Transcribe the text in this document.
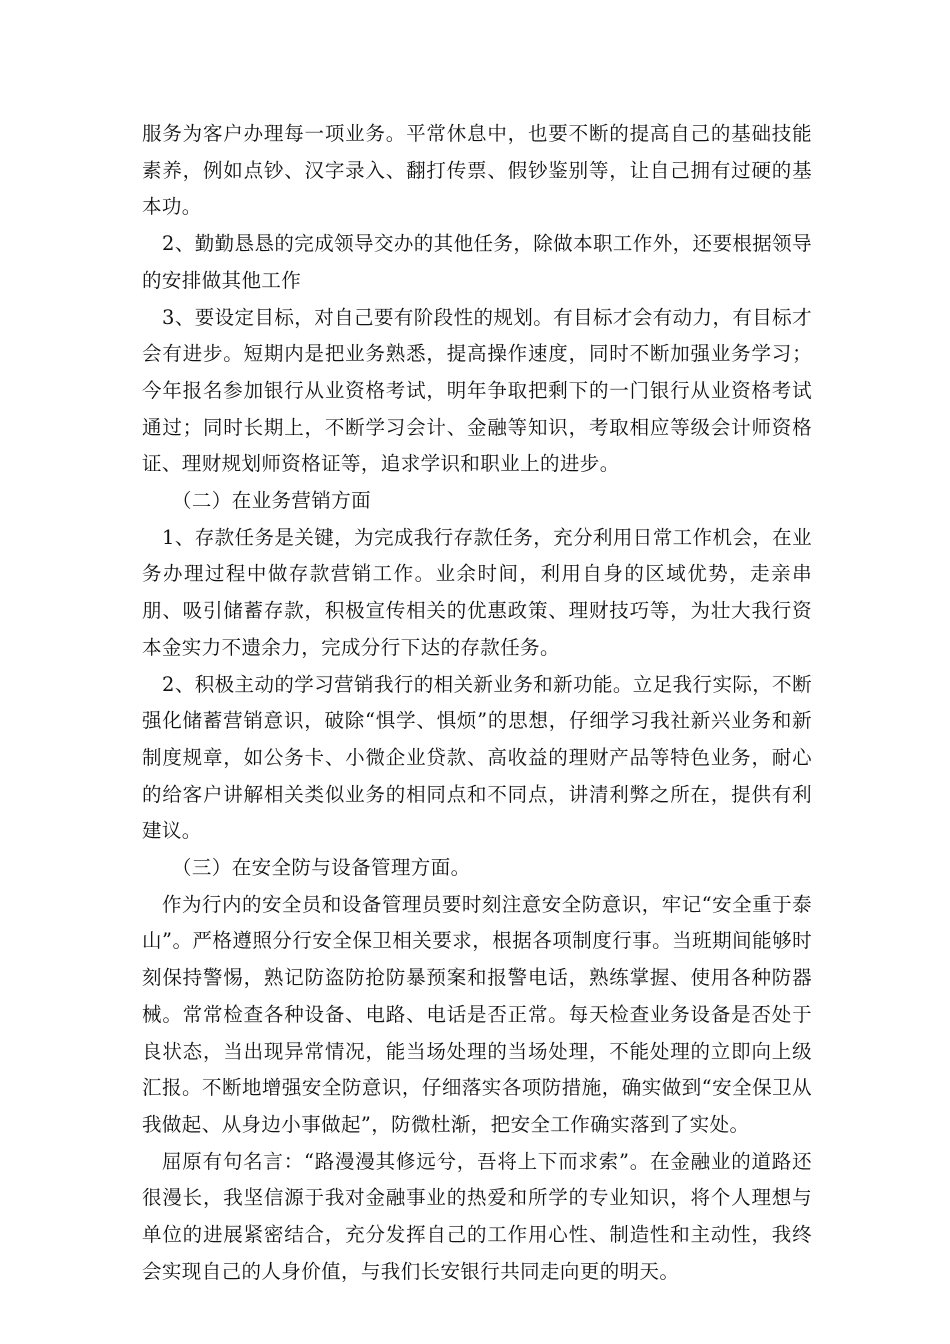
服务为客户办理每一项业务。平常休息中，也要不断的提高自己的基础技能素养，例如点钞、汉字录入、翻打传票、假钞鉴别等，让自己拥有过硬的基本功。

2、勤勤恳恳的完成领导交办的其他任务，除做本职工作外，还要根据领导的安排做其他工作

3、要设定目标，对自己要有阶段性的规划。有目标才会有动力，有目标才会有进步。短期内是把业务熟悉，提高操作速度，同时不断加强业务学习；今年报名参加银行从业资格考试，明年争取把剩下的一门银行从业资格考试通过；同时长期上，不断学习会计、金融等知识，考取相应等级会计师资格证、理财规划师资格证等，追求学识和职业上的进步。

（二）在业务营销方面

1、存款任务是关键，为完成我行存款任务，充分利用日常工作机会，在业务办理过程中做存款营销工作。业余时间，利用自身的区域优势，走亲串朋、吸引储蓄存款，积极宣传相关的优惠政策、理财技巧等，为壮大我行资本金实力不遗余力，完成分行下达的存款任务。

2、积极主动的学习营销我行的相关新业务和新功能。立足我行实际，不断强化储蓄营销意识，破除“惧学、惧烦”的思想，仔细学习我社新兴业务和新制度规章，如公务卡、小微企业贷款、高收益的理财产品等特色业务，耐心的给客户讲解相关类似业务的相同点和不同点，讲清利弊之所在，提供有利建议。

（三）在安全防与设备管理方面。

作为行内的安全员和设备管理员要时刻注意安全防意识，牢记“安全重于泰山”。严格遵照分行安全保卫相关要求，根据各项制度行事。当班期间能够时刻保持警惕，熟记防盗防抢防暴预案和报警电话，熟练掌握、使用各种防器械。常常检查各种设备、电路、电话是否正常。每天检查业务设备是否处于良状态，当出现异常情况，能当场处理的当场处理，不能处理的立即向上级汇报。不断地增强安全防意识，仔细落实各项防措施，确实做到“安全保卫从我做起、从身边小事做起”，防微杜渐，把安全工作确实落到了实处。

屈原有句名言：“路漫漫其修远兮，吾将上下而求索”。在金融业的道路还很漫长，我坚信源于我对金融事业的热爱和所学的专业知识，将个人理想与单位的进展紧密结合，充分发挥自己的工作用心性、制造性和主动性，我终会实现自己的人身价值，与我们长安银行共同走向更的明天。
